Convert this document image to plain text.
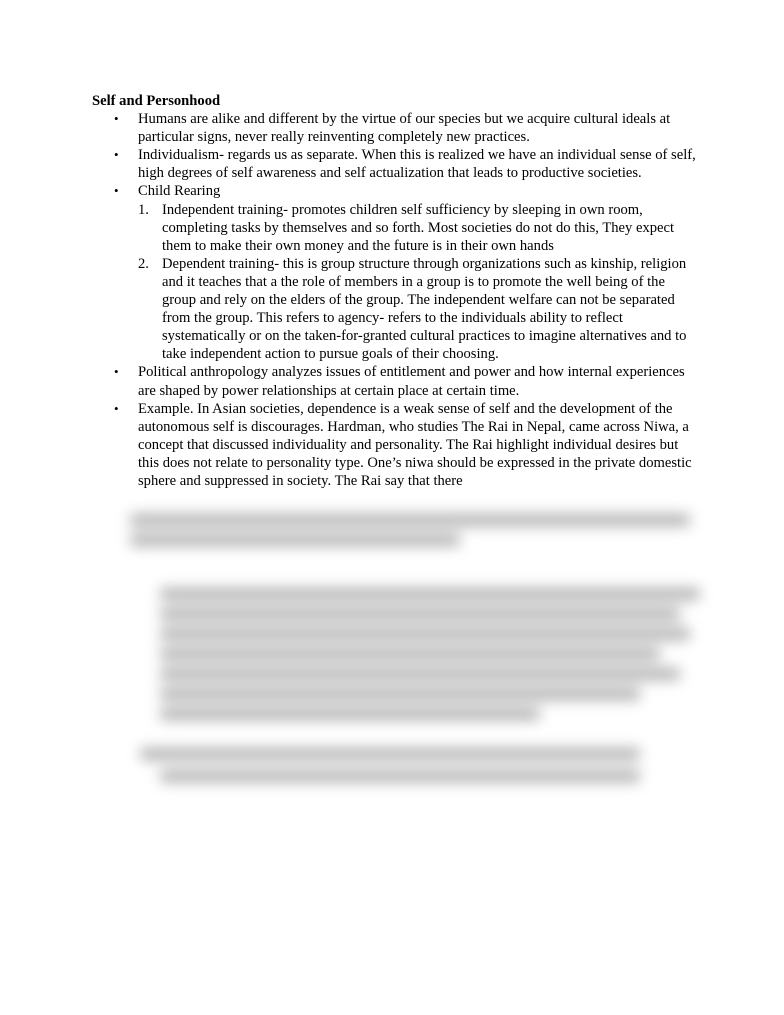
Self and Personhood

•	Humans are alike and different by the virtue of our species but we acquire cultural ideals at particular signs, never really reinventing completely new practices.
•	Individualism- regards us as separate. When this is realized we have an individual sense of self, high degrees of self awareness and self actualization that leads to productive societies.
•	Child Rearing
1. Independent training- promotes children self sufficiency by sleeping in own room, completing tasks by themselves and so forth. Most societies do not do this, They expect them to make their own money and the future is in their own hands
2. Dependent training- this is group structure through organizations such as kinship, religion and it teaches that a the role of members in a group is to promote the well being of the group and rely on the elders of the group. The independent welfare can not be separated from the group. This refers to agency- refers to the individuals ability to reflect systematically or on the taken-for-granted cultural practices to imagine alternatives and to take independent action to pursue goals of their choosing.
•	Political anthropology analyzes issues of entitlement and power and how internal experiences are shaped by power relationships at certain place at certain time.
•	Example. In Asian societies, dependence is a weak sense of self and the development of the autonomous self is discourages. Hardman, who studies The Rai in Nepal, came across Niwa, a concept that discussed individuality and personality. The Rai highlight individual desires but this does not relate to personality type. One’s niwa should be expressed in the private domestic sphere and suppressed in society. The Rai say that there
